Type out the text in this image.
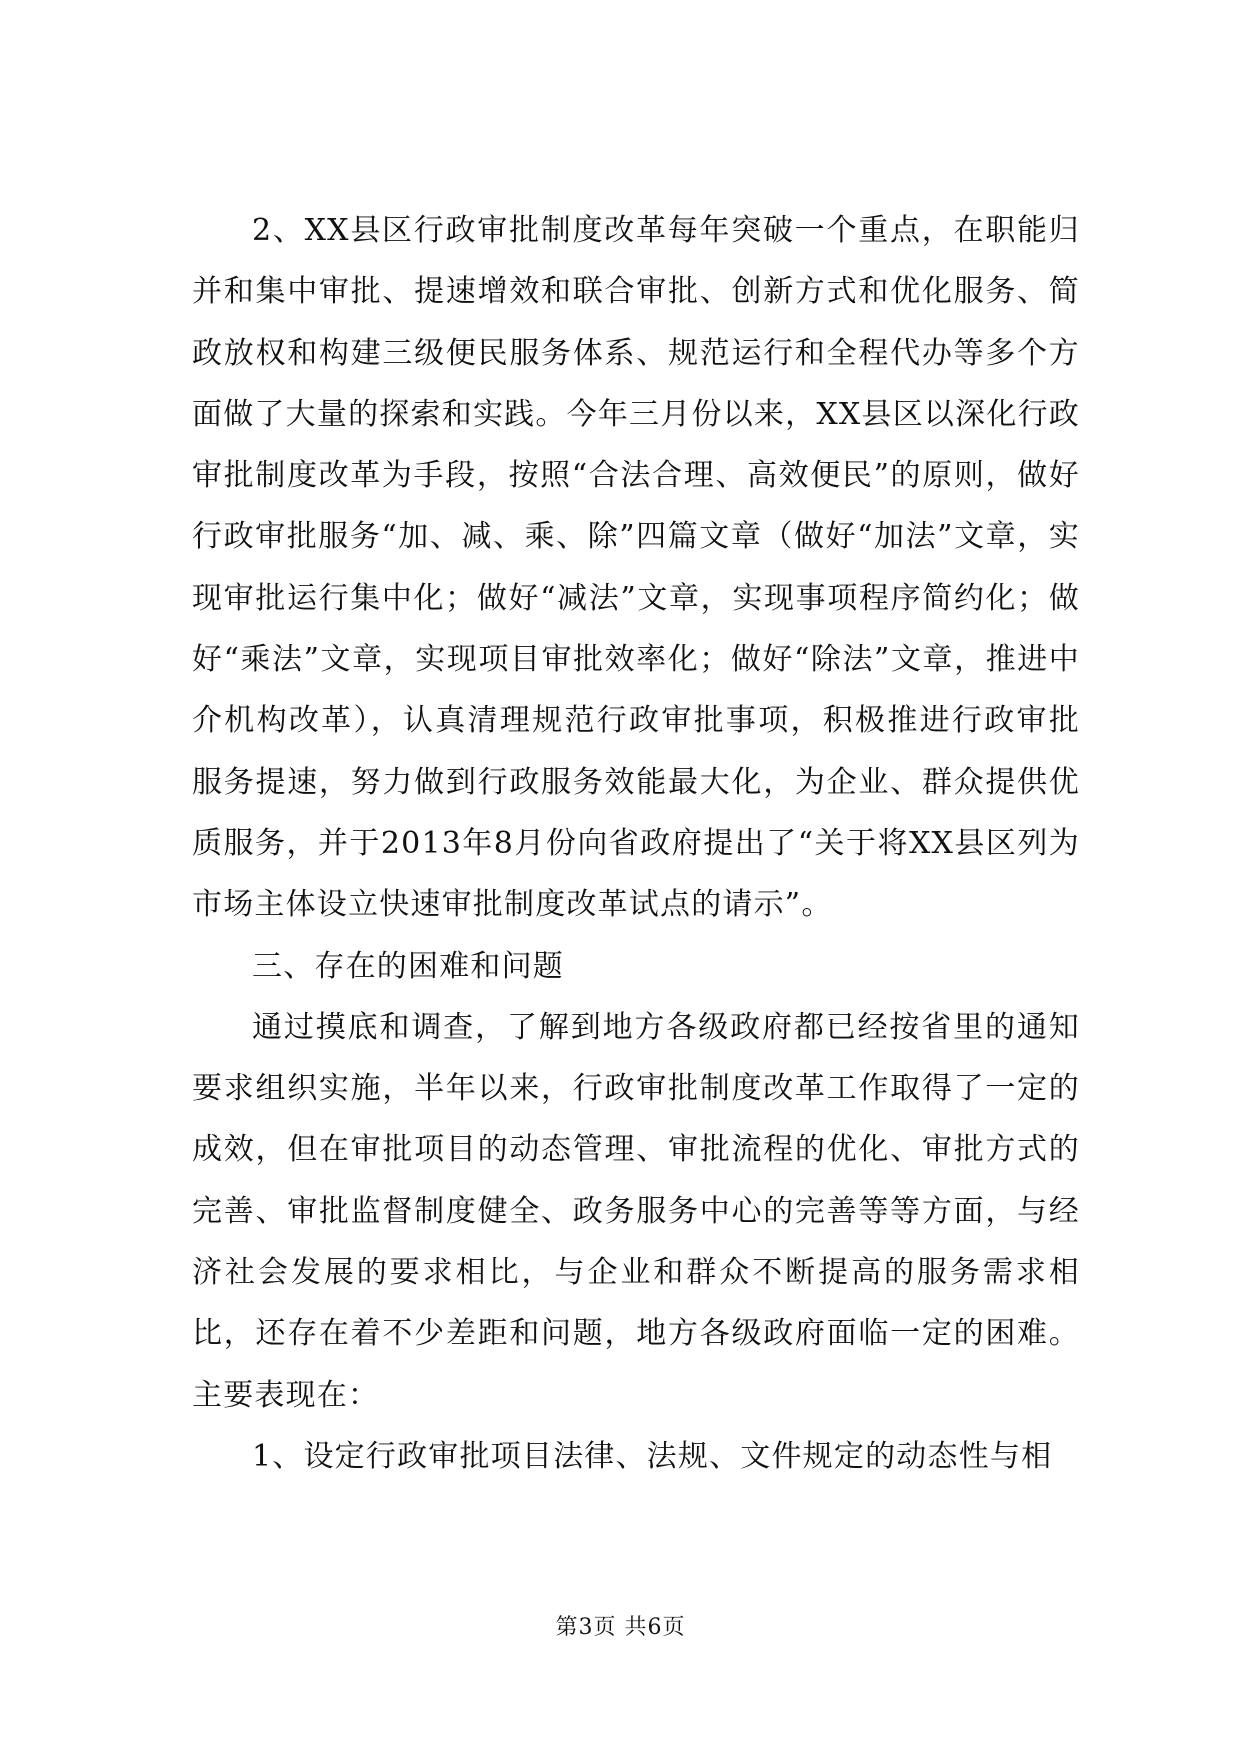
2、XX县区行政审批制度改革每年突破一个重点，在职能归并和集中审批、提速增效和联合审批、创新方式和优化服务、简政放权和构建三级便民服务体系、规范运行和全程代办等多个方面做了大量的探索和实践。今年三月份以来，XX县区以深化行政审批制度改革为手段，按照“合法合理、高效便民”的原则，做好行政审批服务“加、减、乘、除”四篇文章（做好“加法”文章，实现审批运行集中化；做好“减法”文章，实现事项程序简约化；做好“乘法”文章，实现项目审批效率化；做好“除法”文章，推进中介机构改革），认真清理规范行政审批事项，积极推进行政审批服务提速，努力做到行政服务效能最大化，为企业、群众提供优质服务，并于2013年8月份向省政府提出了“关于将XX县区列为市场主体设立快速审批制度改革试点的请示”。

三、存在的困难和问题

通过摸底和调查，了解到地方各级政府都已经按省里的通知要求组织实施，半年以来，行政审批制度改革工作取得了一定的成效，但在审批项目的动态管理、审批流程的优化、审批方式的完善、审批监督制度健全、政务服务中心的完善等等方面，与经济社会发展的要求相比，与企业和群众不断提高的服务需求相比，还存在着不少差距和问题，地方各级政府面临一定的困难。主要表现在：

1、设定行政审批项目法律、法规、文件规定的动态性与相

第3页 共6页
